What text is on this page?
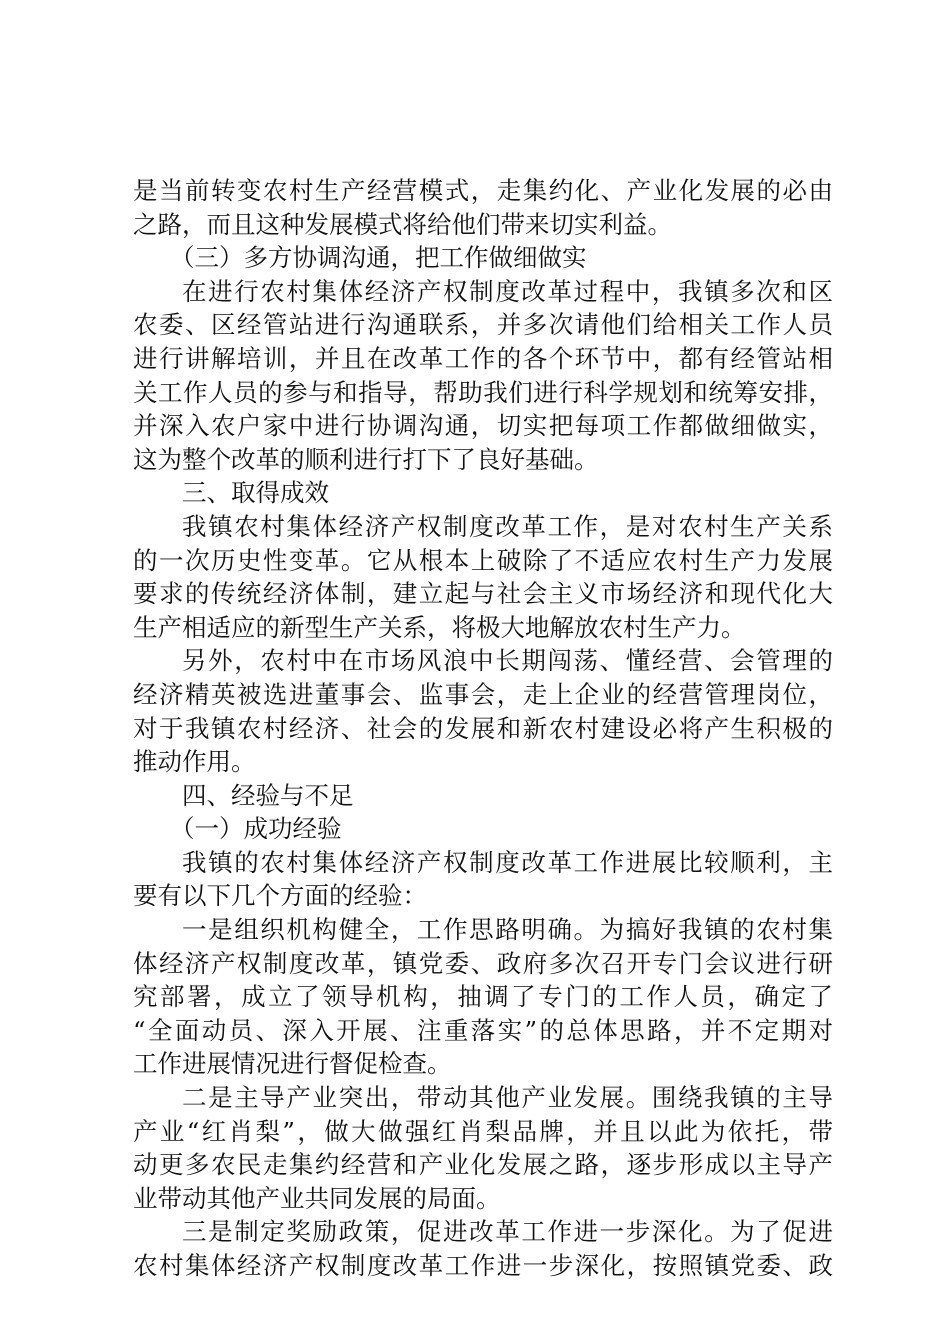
是当前转变农村生产经营模式，走集约化、产业化发展的必由
之路，而且这种发展模式将给他们带来切实利益。
（三）多方协调沟通，把工作做细做实
在进行农村集体经济产权制度改革过程中，我镇多次和区
农委、区经管站进行沟通联系，并多次请他们给相关工作人员
进行讲解培训，并且在改革工作的各个环节中，都有经管站相
关工作人员的参与和指导，帮助我们进行科学规划和统筹安排，
并深入农户家中进行协调沟通，切实把每项工作都做细做实，
这为整个改革的顺利进行打下了良好基础。
三、取得成效
我镇农村集体经济产权制度改革工作，是对农村生产关系
的一次历史性变革。它从根本上破除了不适应农村生产力发展
要求的传统经济体制，建立起与社会主义市场经济和现代化大
生产相适应的新型生产关系，将极大地解放农村生产力。
另外，农村中在市场风浪中长期闯荡、懂经营、会管理的
经济精英被选进董事会、监事会，走上企业的经营管理岗位，
对于我镇农村经济、社会的发展和新农村建设必将产生积极的
推动作用。
四、经验与不足
（一）成功经验
我镇的农村集体经济产权制度改革工作进展比较顺利，主
要有以下几个方面的经验：
一是组织机构健全，工作思路明确。为搞好我镇的农村集
体经济产权制度改革，镇党委、政府多次召开专门会议进行研
究部署，成立了领导机构，抽调了专门的工作人员，确定了
“全面动员、深入开展、注重落实”的总体思路，并不定期对
工作进展情况进行督促检查。
二是主导产业突出，带动其他产业发展。围绕我镇的主导
产业“红肖梨”，做大做强红肖梨品牌，并且以此为依托，带
动更多农民走集约经营和产业化发展之路，逐步形成以主导产
业带动其他产业共同发展的局面。
三是制定奖励政策，促进改革工作进一步深化。为了促进
农村集体经济产权制度改革工作进一步深化，按照镇党委、政
